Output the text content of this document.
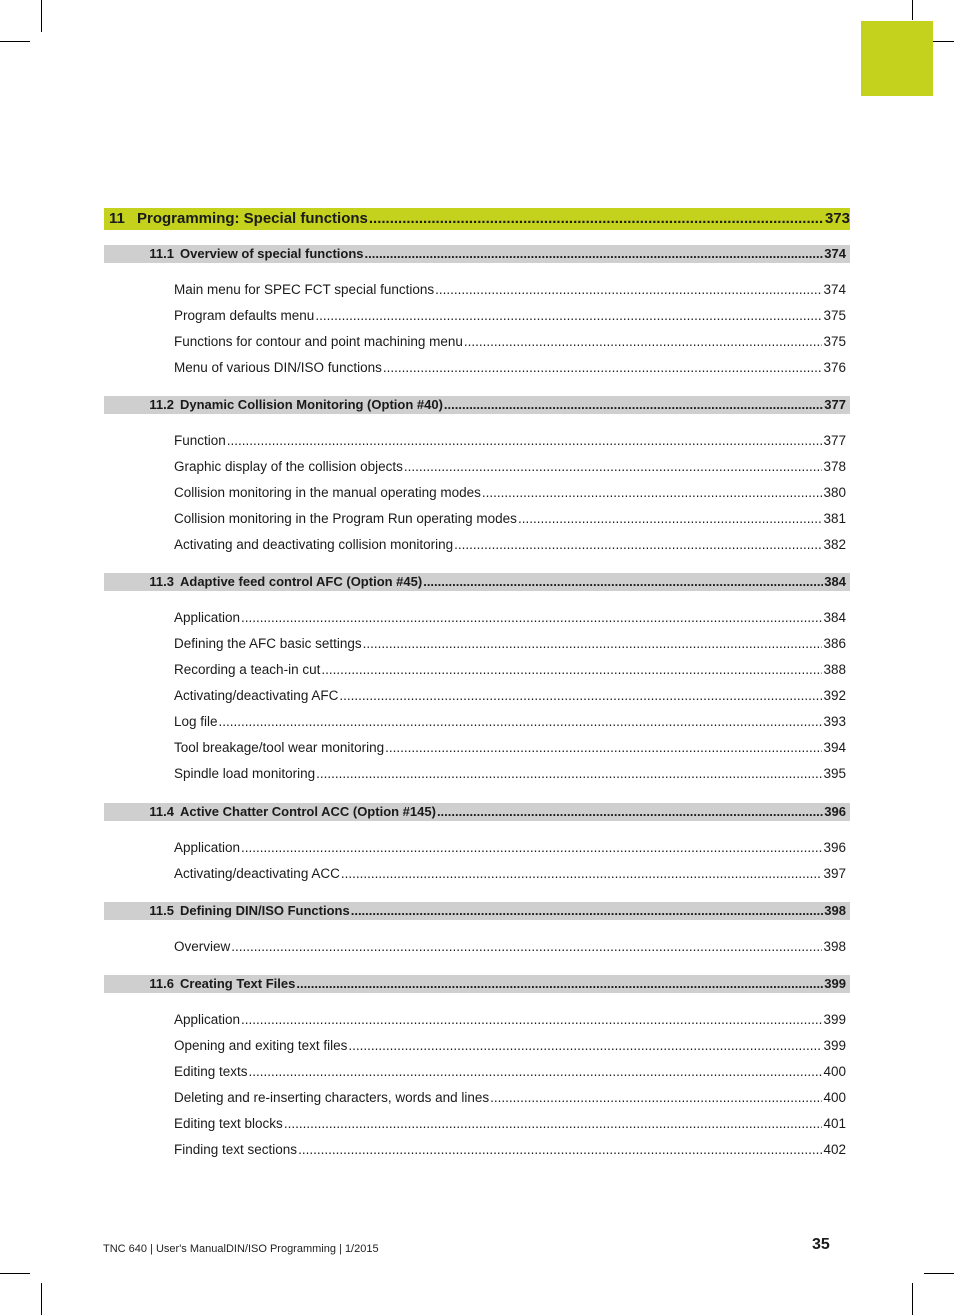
11 Programming: Special functions .....	373
11.1 Overview of special functions .....	374
Main menu for SPEC FCT special functions .....	374
Program defaults menu .....	375
Functions for contour and point machining menu .....	375
Menu of various DIN/ISO functions .....	376
11.2 Dynamic Collision Monitoring (Option #40) .....	377
Function .....	377
Graphic display of the collision objects .....	378
Collision monitoring in the manual operating modes .....	380
Collision monitoring in the Program Run operating modes .....	381
Activating and deactivating collision monitoring .....	382
11.3 Adaptive feed control AFC (Option #45) .....	384
Application .....	384
Defining the AFC basic settings .....	386
Recording a teach-in cut .....	388
Activating/deactivating AFC .....	392
Log file .....	393
Tool breakage/tool wear monitoring .....	394
Spindle load monitoring .....	395
11.4 Active Chatter Control ACC (Option #145) .....	396
Application .....	396
Activating/deactivating ACC .....	397
11.5 Defining DIN/ISO Functions .....	398
Overview .....	398
11.6 Creating Text Files .....	399
Application .....	399
Opening and exiting text files .....	399
Editing texts .....	400
Deleting and re-inserting characters, words and lines .....	400
Editing text blocks .....	401
Finding text sections .....	402
TNC 640 | User's ManualDIN/ISO Programming | 1/2015	35
